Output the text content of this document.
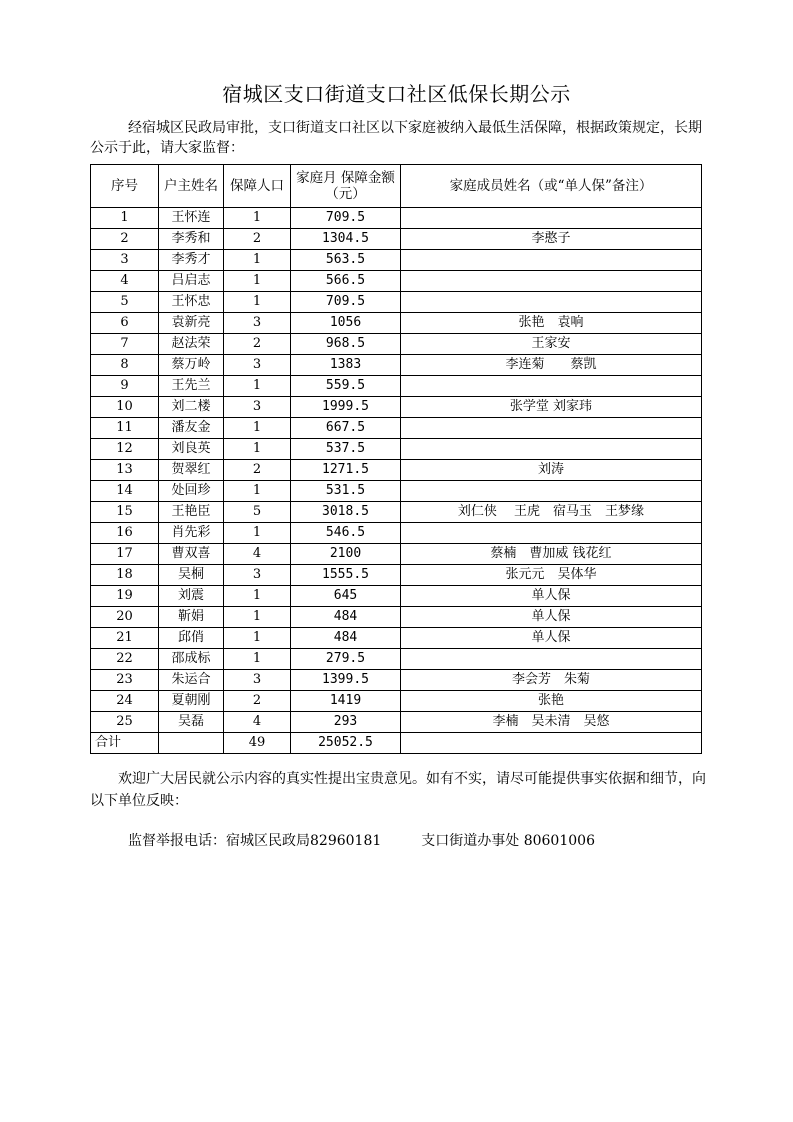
宿城区支口街道支口社区低保长期公示
经宿城区民政局审批，支口街道支口社区以下家庭被纳入最低生活保障，根据政策规定，长期公示于此，请大家监督：
序号	户主姓名	保障人口	家庭月 保障金额（元）	家庭成员姓名（或“单人保”备注）
1	王怀连	1	709.5	
2	李秀和	2	1304.5	李憨子
3	李秀才	1	563.5	
4	吕启志	1	566.5	
5	王怀忠	1	709.5	
6	袁新亮	3	1056	张艳　袁响
7	赵法荣	2	968.5	王家安
8	蔡万岭	3	1383	李连菊　　蔡凯
9	王先兰	1	559.5	
10	刘二楼	3	1999.5	张学堂 刘家玮
11	潘友金	1	667.5	
12	刘良英	1	537.5	
13	贺翠红	2	1271.5	刘涛
14	处回珍	1	531.5	
15	王艳臣	5	3018.5	刘仁侠　 王虎　宿马玉　王梦缘
16	肖先彩	1	546.5	
17	曹双喜	4	2100	蔡楠　曹加威 钱花红
18	吴桐	3	1555.5	张元元　吴体华
19	刘震	1	645	单人保
20	靳娟	1	484	单人保
21	邱俏	1	484	单人保
22	邵成标	1	279.5	
23	朱运合	3	1399.5	李会芳　朱菊
24	夏朝刚	2	1419	张艳
25	吴磊	4	293	李楠　吴未清　吴悠
合计		49	25052.5	
欢迎广大居民就公示内容的真实性提出宝贵意见。如有不实，请尽可能提供事实依据和细节，向以下单位反映：
监督举报电话：宿城区民政局82960181	支口街道办事处 80601006
